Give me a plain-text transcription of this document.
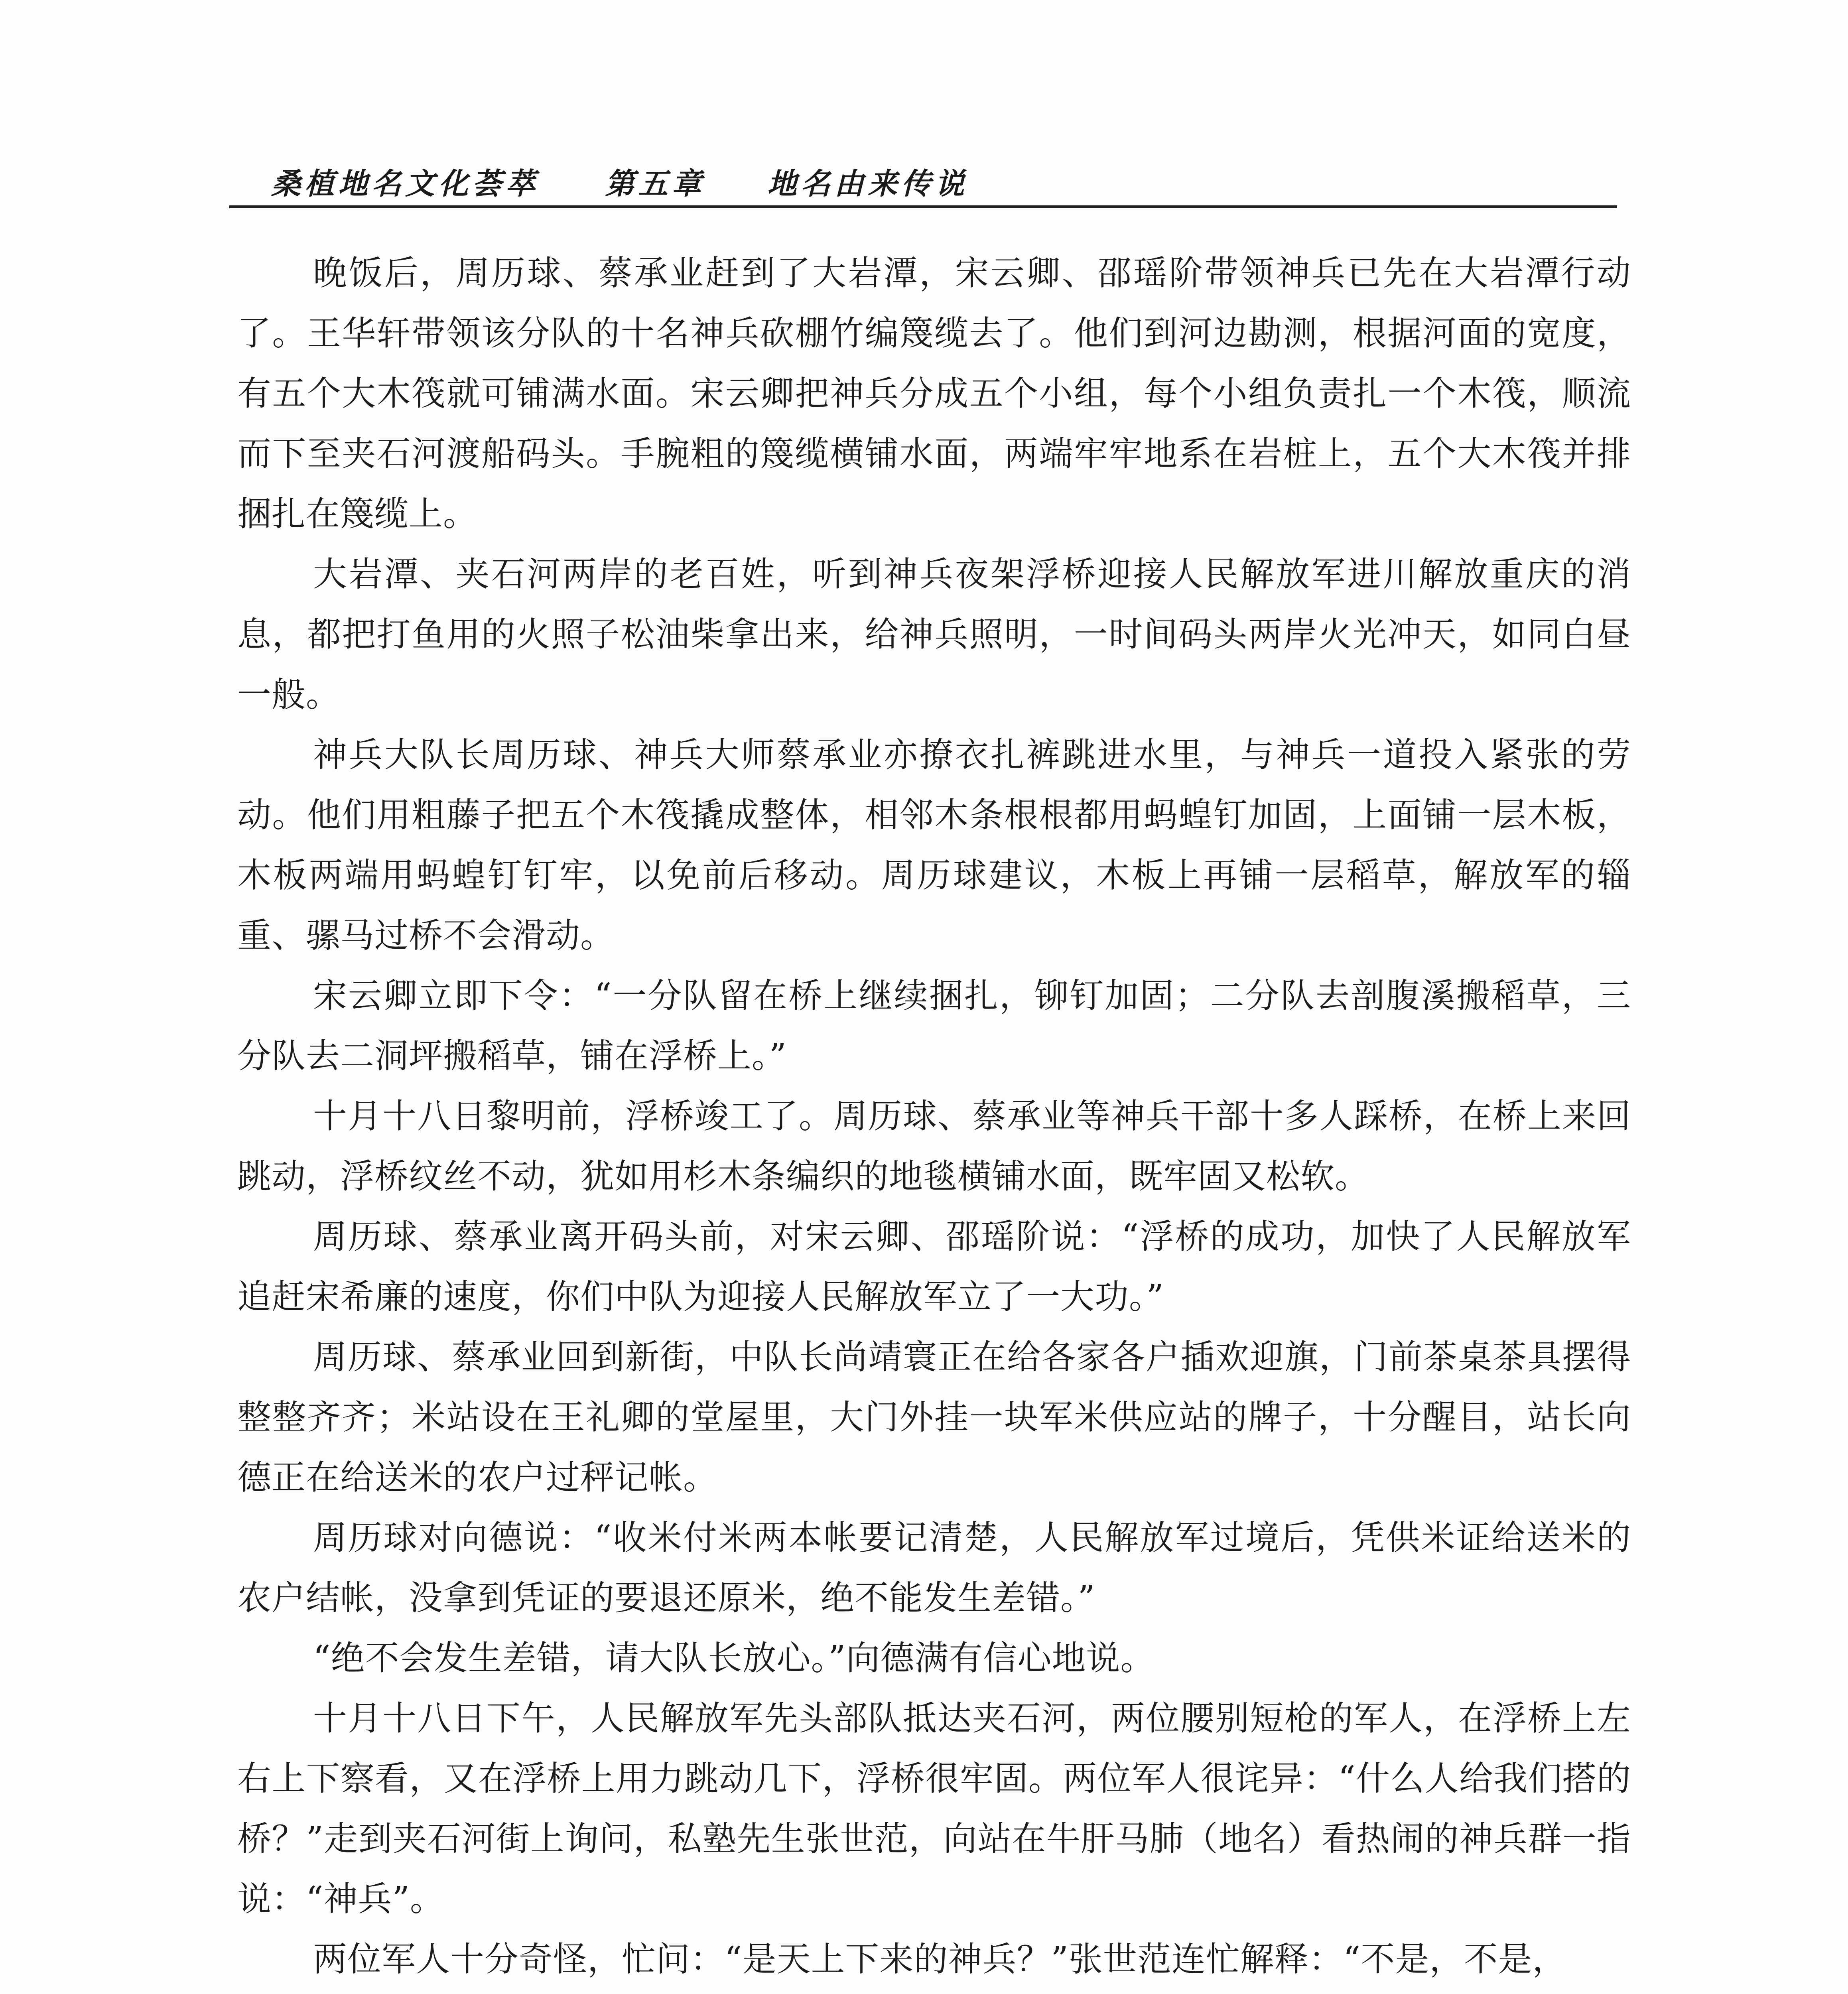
桑植地名文化荟萃 第五章 地名由来传说

晚饭后，周历球、蔡承业赶到了大岩潭，宋云卿、邵瑶阶带领神兵已先在大岩潭行动了。王华轩带领该分队的十名神兵砍棚竹编篾缆去了。他们到河边勘测，根据河面的宽度，有五个大木筏就可铺满水面。宋云卿把神兵分成五个小组，每个小组负责扎一个木筏，顺流而下至夹石河渡船码头。手腕粗的篾缆横铺水面，两端牢牢地系在岩桩上，五个大木筏并排捆扎在篾缆上。

大岩潭、夹石河两岸的老百姓，听到神兵夜架浮桥迎接人民解放军进川解放重庆的消息，都把打鱼用的火照子松油柴拿出来，给神兵照明，一时间码头两岸火光冲天，如同白昼一般。

神兵大队长周历球、神兵大师蔡承业亦撩衣扎裤跳进水里，与神兵一道投入紧张的劳动。他们用粗藤子把五个木筏撬成整体，相邻木条根根都用蚂蝗钉加固，上面铺一层木板，木板两端用蚂蝗钉钉牢，以免前后移动。周历球建议，木板上再铺一层稻草，解放军的辎重、骡马过桥不会滑动。

宋云卿立即下令：“一分队留在桥上继续捆扎，铆钉加固；二分队去剖腹溪搬稻草，三分队去二洞坪搬稻草，铺在浮桥上。”

十月十八日黎明前，浮桥竣工了。周历球、蔡承业等神兵干部十多人踩桥，在桥上来回跳动，浮桥纹丝不动，犹如用杉木条编织的地毯横铺水面，既牢固又松软。

周历球、蔡承业离开码头前，对宋云卿、邵瑶阶说：“浮桥的成功，加快了人民解放军追赶宋希廉的速度，你们中队为迎接人民解放军立了一大功。”

周历球、蔡承业回到新街，中队长尚靖寰正在给各家各户插欢迎旗，门前茶桌茶具摆得整整齐齐；米站设在王礼卿的堂屋里，大门外挂一块军米供应站的牌子，十分醒目，站长向德正在给送米的农户过秤记帐。

周历球对向德说：“收米付米两本帐要记清楚，人民解放军过境后，凭供米证给送米的农户结帐，没拿到凭证的要退还原米，绝不能发生差错。”

“绝不会发生差错，请大队长放心。”向德满有信心地说。

十月十八日下午，人民解放军先头部队抵达夹石河，两位腰别短枪的军人，在浮桥上左右上下察看，又在浮桥上用力跳动几下，浮桥很牢固。两位军人很诧异：“什么人给我们搭的桥？”走到夹石河街上询问，私塾先生张世范，向站在牛肝马肺（地名）看热闹的神兵群一指说：“神兵”。

两位军人十分奇怪，忙问：“是天上下来的神兵？”张世范连忙解释：“不是，不是，
